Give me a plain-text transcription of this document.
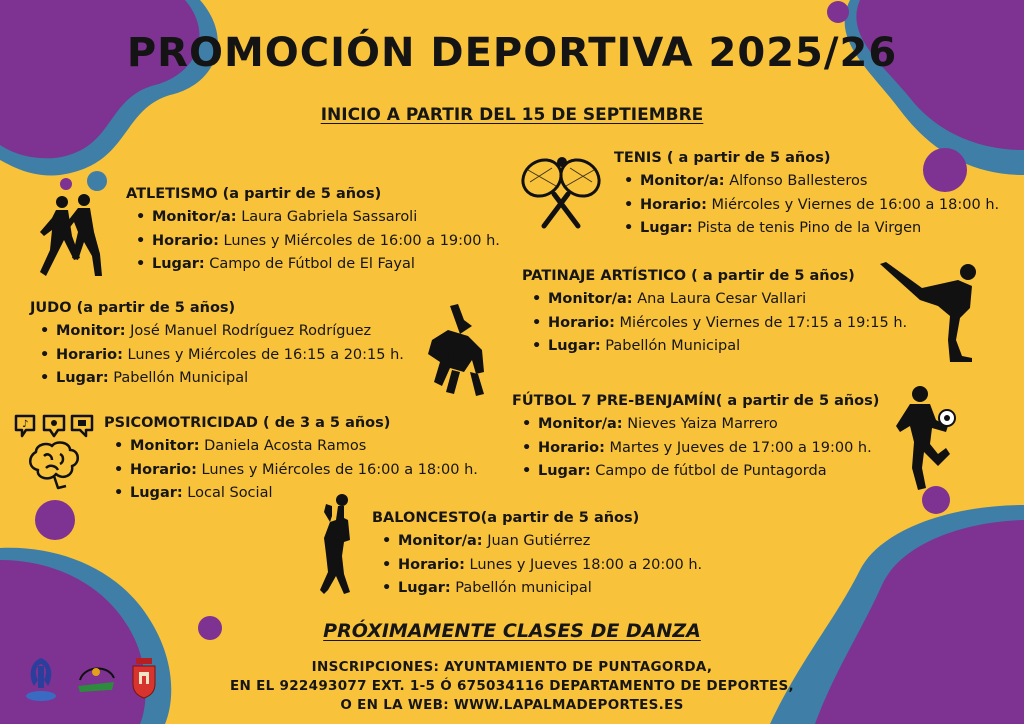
PROMOCIÓN DEPORTIVA 2025/26
INICIO A PARTIR DEL 15 DE SEPTIEMBRE
TENIS ( a partir de 5 años)
• Monitor/a: Alfonso Ballesteros
• Horario: Miércoles y Viernes de 16:00 a 18:00 h.
• Lugar: Pista de tenis Pino de la Virgen
ATLETISMO (a partir de 5 años)
• Monitor/a: Laura Gabriela Sassaroli
• Horario: Lunes y Miércoles de 16:00 a 19:00 h.
• Lugar: Campo de Fútbol de El Fayal
PATINAJE ARTÍSTICO ( a partir de 5 años)
• Monitor/a: Ana Laura Cesar Vallari
• Horario: Miércoles y Viernes de 17:15 a 19:15 h.
• Lugar: Pabellón Municipal
JUDO (a partir de 5 años)
• Monitor: José Manuel Rodríguez Rodríguez
• Horario: Lunes y Miércoles de 16:15 a 20:15 h.
• Lugar: Pabellón Municipal
FÚTBOL 7 PRE-BENJAMÍN( a partir de 5 años)
• Monitor/a: Nieves Yaiza Marrero
• Horario: Martes y Jueves de 17:00 a 19:00 h.
• Lugar: Campo de fútbol de Puntagorda
PSICOMOTRICIDAD ( de 3 a 5 años)
• Monitor: Daniela Acosta Ramos
• Horario: Lunes y Miércoles de 16:00 a 18:00 h.
• Lugar: Local Social
BALONCESTO(a partir de 5 años)
• Monitor/a: Juan Gutiérrez
• Horario: Lunes y Jueves 18:00 a 20:00 h.
• Lugar: Pabellón municipal
♪
PRÓXIMAMENTE CLASES DE DANZA
INSCRIPCIONES: AYUNTAMIENTO DE PUNTAGORDA,
EN EL 922493077 EXT. 1-5 Ó 675034116 DEPARTAMENTO DE DEPORTES,
O EN LA WEB: WWW.LAPALMADEPORTES.ES
